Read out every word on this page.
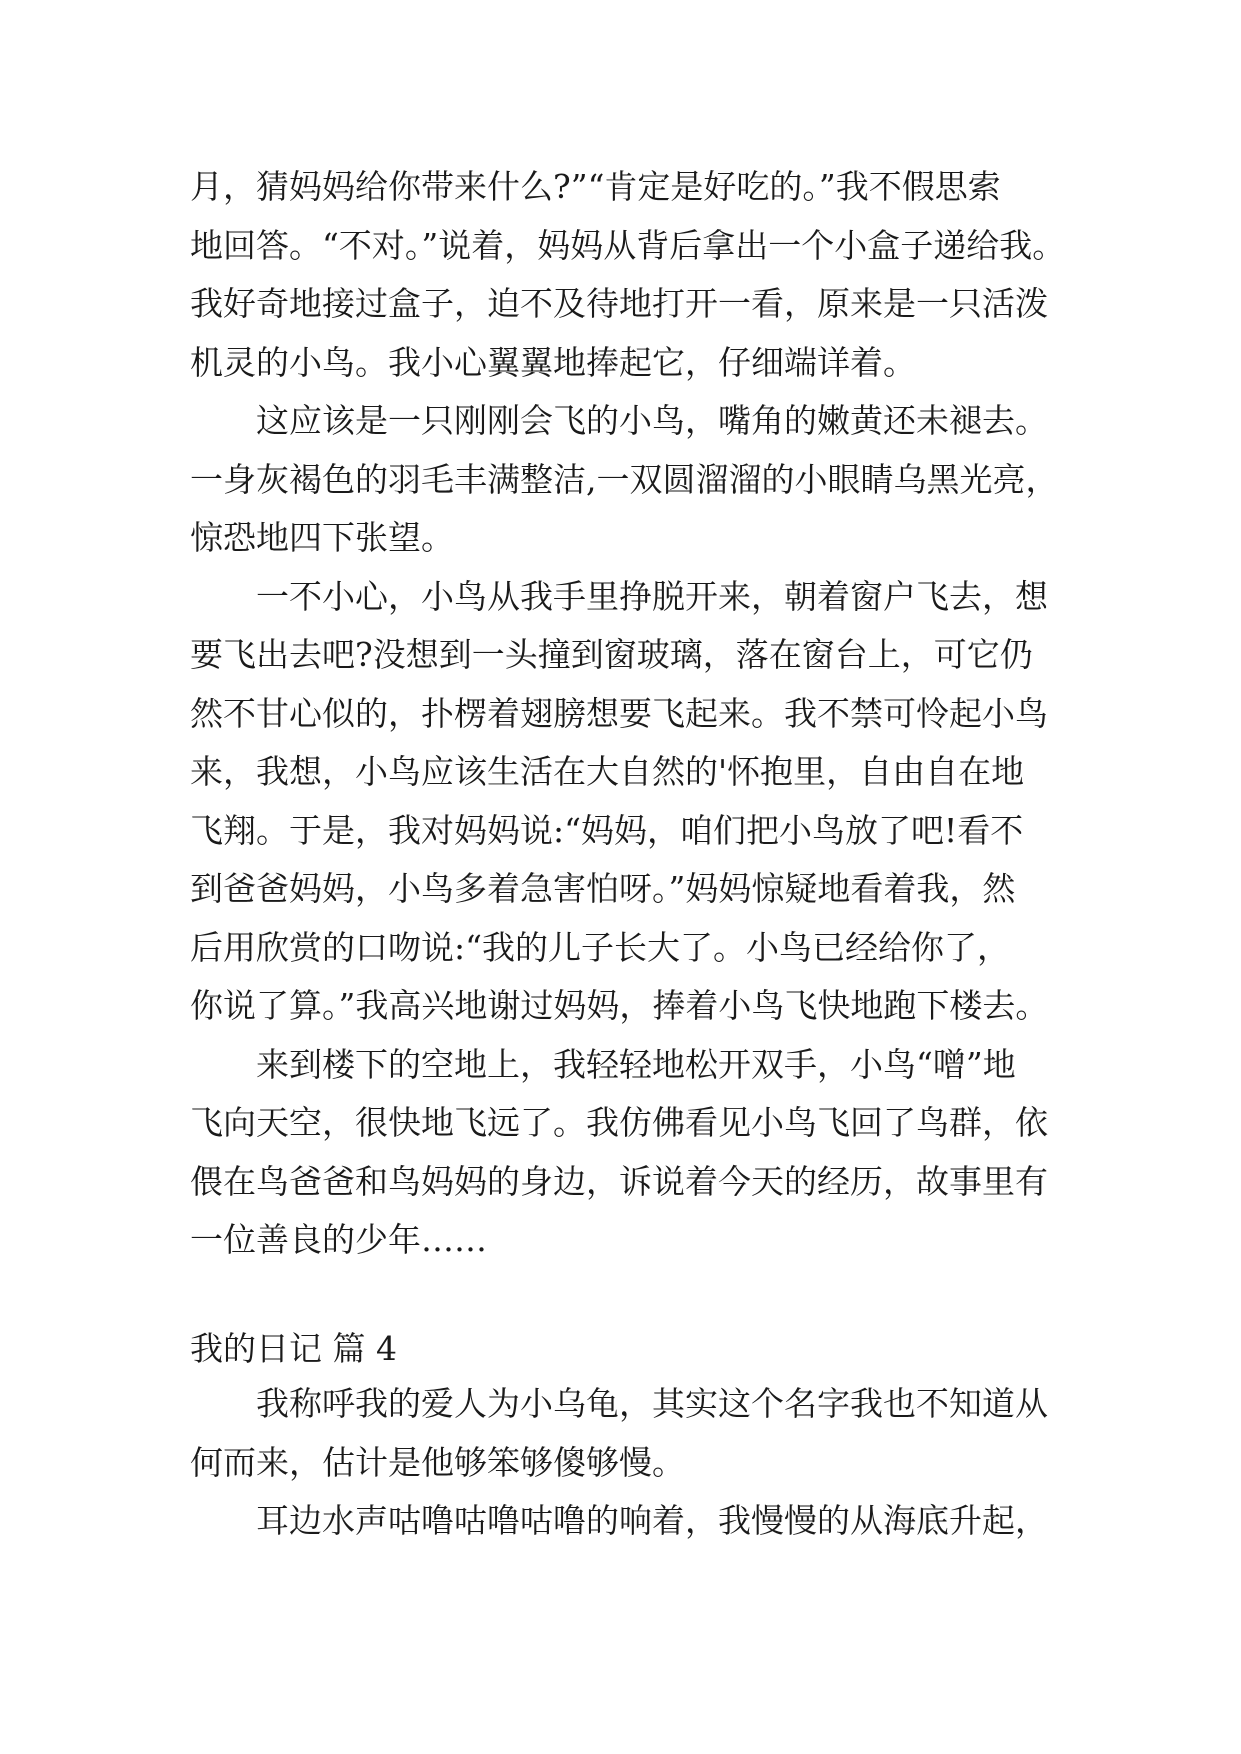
月，猜妈妈给你带来什么?”“肯定是好吃的。”我不假思索
地回答。“不对。”说着，妈妈从背后拿出一个小盒子递给我。
我好奇地接过盒子，迫不及待地打开一看，原来是一只活泼
机灵的小鸟。我小心翼翼地捧起它，仔细端详着。

这应该是一只刚刚会飞的小鸟，嘴角的嫩黄还未褪去。
一身灰褐色的羽毛丰满整洁,一双圆溜溜的小眼睛乌黑光亮，
惊恐地四下张望。

一不小心，小鸟从我手里挣脱开来，朝着窗户飞去，想
要飞出去吧?没想到一头撞到窗玻璃，落在窗台上，可它仍
然不甘心似的，扑楞着翅膀想要飞起来。我不禁可怜起小鸟
来，我想，小鸟应该生活在大自然的'怀抱里，自由自在地
飞翔。于是，我对妈妈说:“妈妈，咱们把小鸟放了吧!看不
到爸爸妈妈，小鸟多着急害怕呀。”妈妈惊疑地看着我，然
后用欣赏的口吻说:“我的儿子长大了。小鸟已经给你了，
你说了算。”我高兴地谢过妈妈，捧着小鸟飞快地跑下楼去。

来到楼下的空地上，我轻轻地松开双手，小鸟“噌”地
飞向天空，很快地飞远了。我仿佛看见小鸟飞回了鸟群，依
偎在鸟爸爸和鸟妈妈的身边，诉说着今天的经历，故事里有
一位善良的少年……

我的日记 篇 4

我称呼我的爱人为小乌龟，其实这个名字我也不知道从
何而来，估计是他够笨够傻够慢。

耳边水声咕噜咕噜咕噜的响着，我慢慢的从海底升起，
